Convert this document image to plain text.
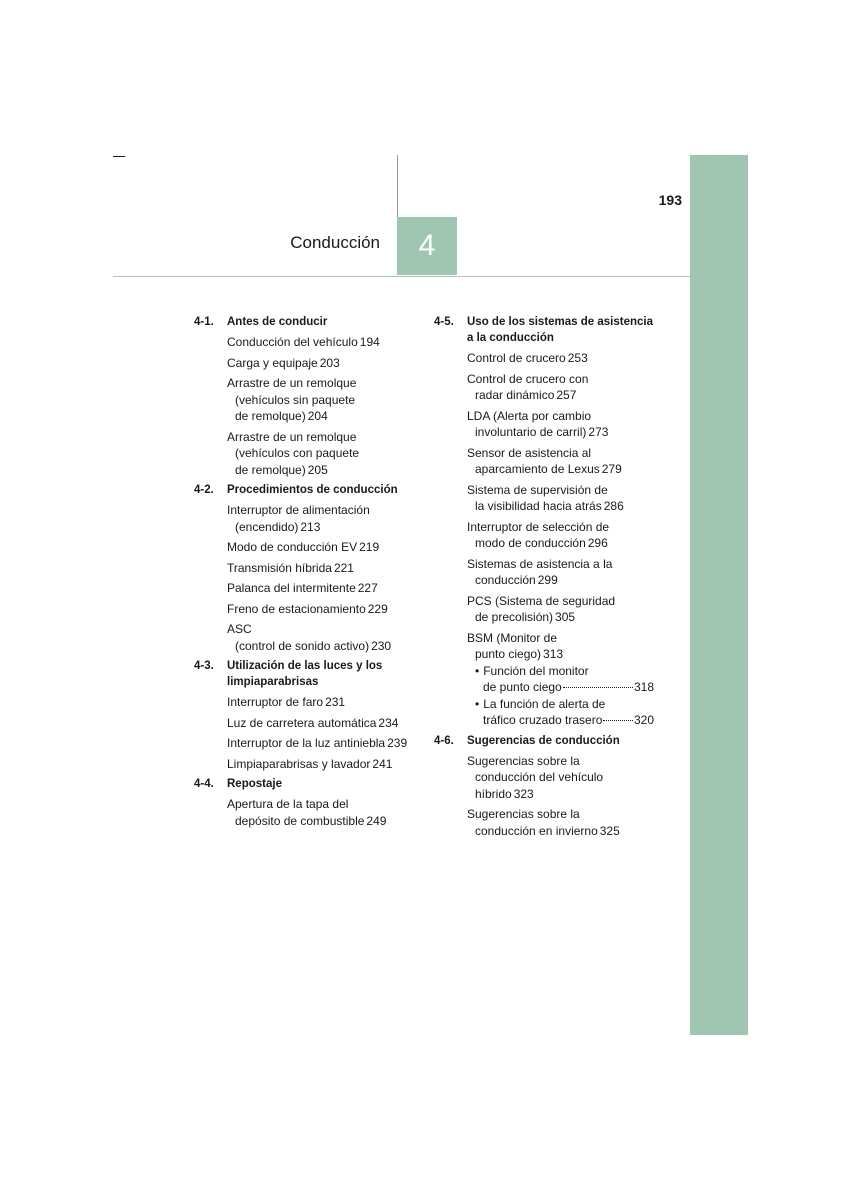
4
Conducción
193
4-1.	Antes de conducir
Conducción del vehículo 194
Carga y equipaje 203
Arrastre de un remolque
(vehículos sin paquete
de remolque) 204
Arrastre de un remolque
(vehículos con paquete
de remolque) 205
4-2.	Procedimientos de conducción
Interruptor de alimentación
(encendido) 213
Modo de conducción EV 219
Transmisión híbrida 221
Palanca del intermitente 227
Freno de estacionamiento 229
ASC
(control de sonido activo) 230
4-3.	Utilización de las luces y los limpiaparabrisas
Interruptor de faro 231
Luz de carretera automática 234
Interruptor de la luz antiniebla 239
Limpiaparabrisas y lavador 241
4-4.	Repostaje
Apertura de la tapa del
depósito de combustible 249
4-5.	Uso de los sistemas de asistencia a la conducción
Control de crucero 253
Control de crucero con
radar dinámico 257
LDA (Alerta por cambio
involuntario de carril) 273
Sensor de asistencia al
aparcamiento de Lexus 279
Sistema de supervisión de
la visibilidad hacia atrás 286
Interruptor de selección de
modo de conducción 296
Sistemas de asistencia a la
conducción 299
PCS (Sistema de seguridad
de precolisión) 305
BSM (Monitor de
punto ciego) 313
• Función del monitor
de punto ciego	318
• La función de alerta de
tráfico cruzado trasero	320
4-6.	Sugerencias de conducción
Sugerencias sobre la
conducción del vehículo
híbrido 323
Sugerencias sobre la
conducción en invierno 325
